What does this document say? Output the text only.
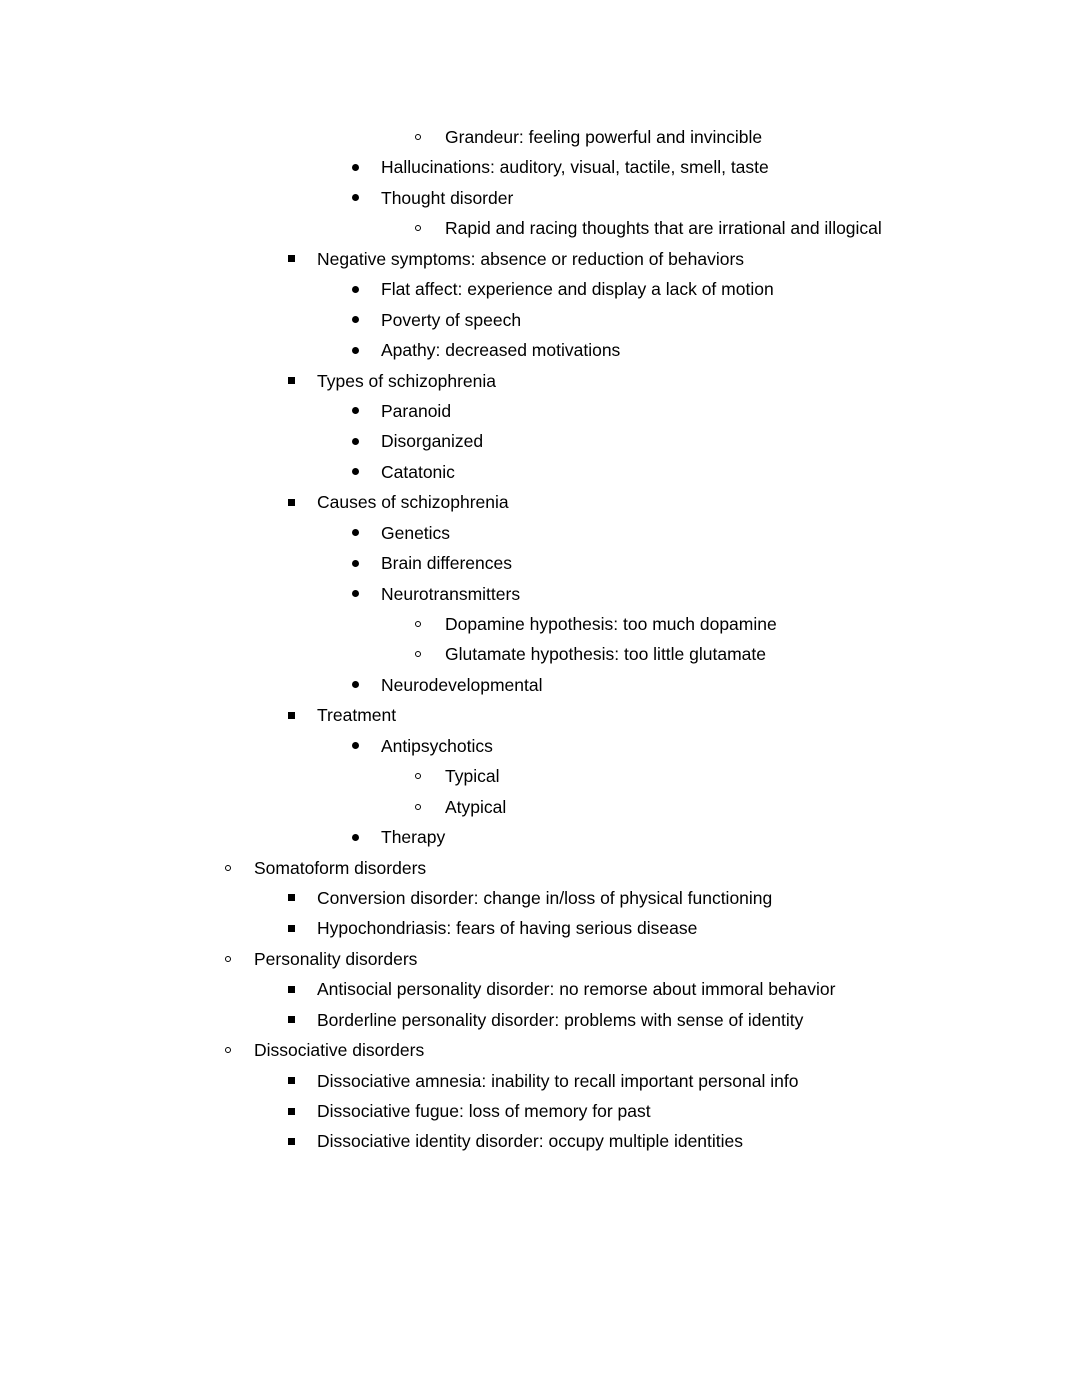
Grandeur: feeling powerful and invincible
Hallucinations: auditory, visual, tactile, smell, taste
Thought disorder
Rapid and racing thoughts that are irrational and illogical
Negative symptoms: absence or reduction of behaviors
Flat affect: experience and display a lack of motion
Poverty of speech
Apathy: decreased motivations
Types of schizophrenia
Paranoid
Disorganized
Catatonic
Causes of schizophrenia
Genetics
Brain differences
Neurotransmitters
Dopamine hypothesis: too much dopamine
Glutamate hypothesis: too little glutamate
Neurodevelopmental
Treatment
Antipsychotics
Typical
Atypical
Therapy
Somatoform disorders
Conversion disorder: change in/loss of physical functioning
Hypochondriasis: fears of having serious disease
Personality disorders
Antisocial personality disorder: no remorse about immoral behavior
Borderline personality disorder: problems with sense of identity
Dissociative disorders
Dissociative amnesia: inability to recall important personal info
Dissociative fugue: loss of memory for past
Dissociative identity disorder: occupy multiple identities
